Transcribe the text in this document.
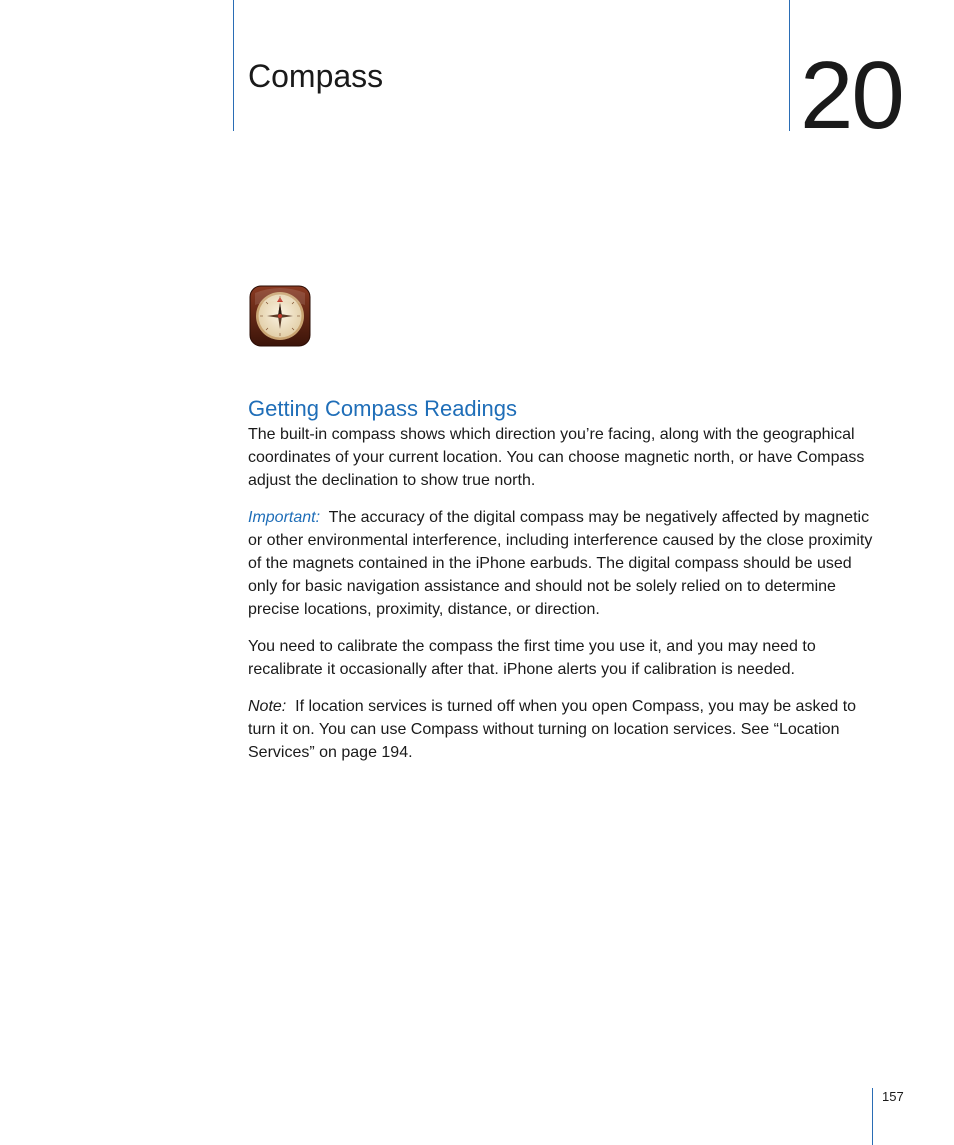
Compass	20
Getting Compass Readings

The built-in compass shows which direction you’re facing, along with the geographical coordinates of your current location. You can choose magnetic north, or have Compass adjust the declination to show true north.

Important: The accuracy of the digital compass may be negatively affected by magnetic or other environmental interference, including interference caused by the close proximity of the magnets contained in the iPhone earbuds. The digital compass should be used only for basic navigation assistance and should not be solely relied on to determine precise locations, proximity, distance, or direction.

You need to calibrate the compass the first time you use it, and you may need to recalibrate it occasionally after that. iPhone alerts you if calibration is needed.

Note: If location services is turned off when you open Compass, you may be asked to turn it on. You can use Compass without turning on location services. See “Location Services” on page 194.

157
